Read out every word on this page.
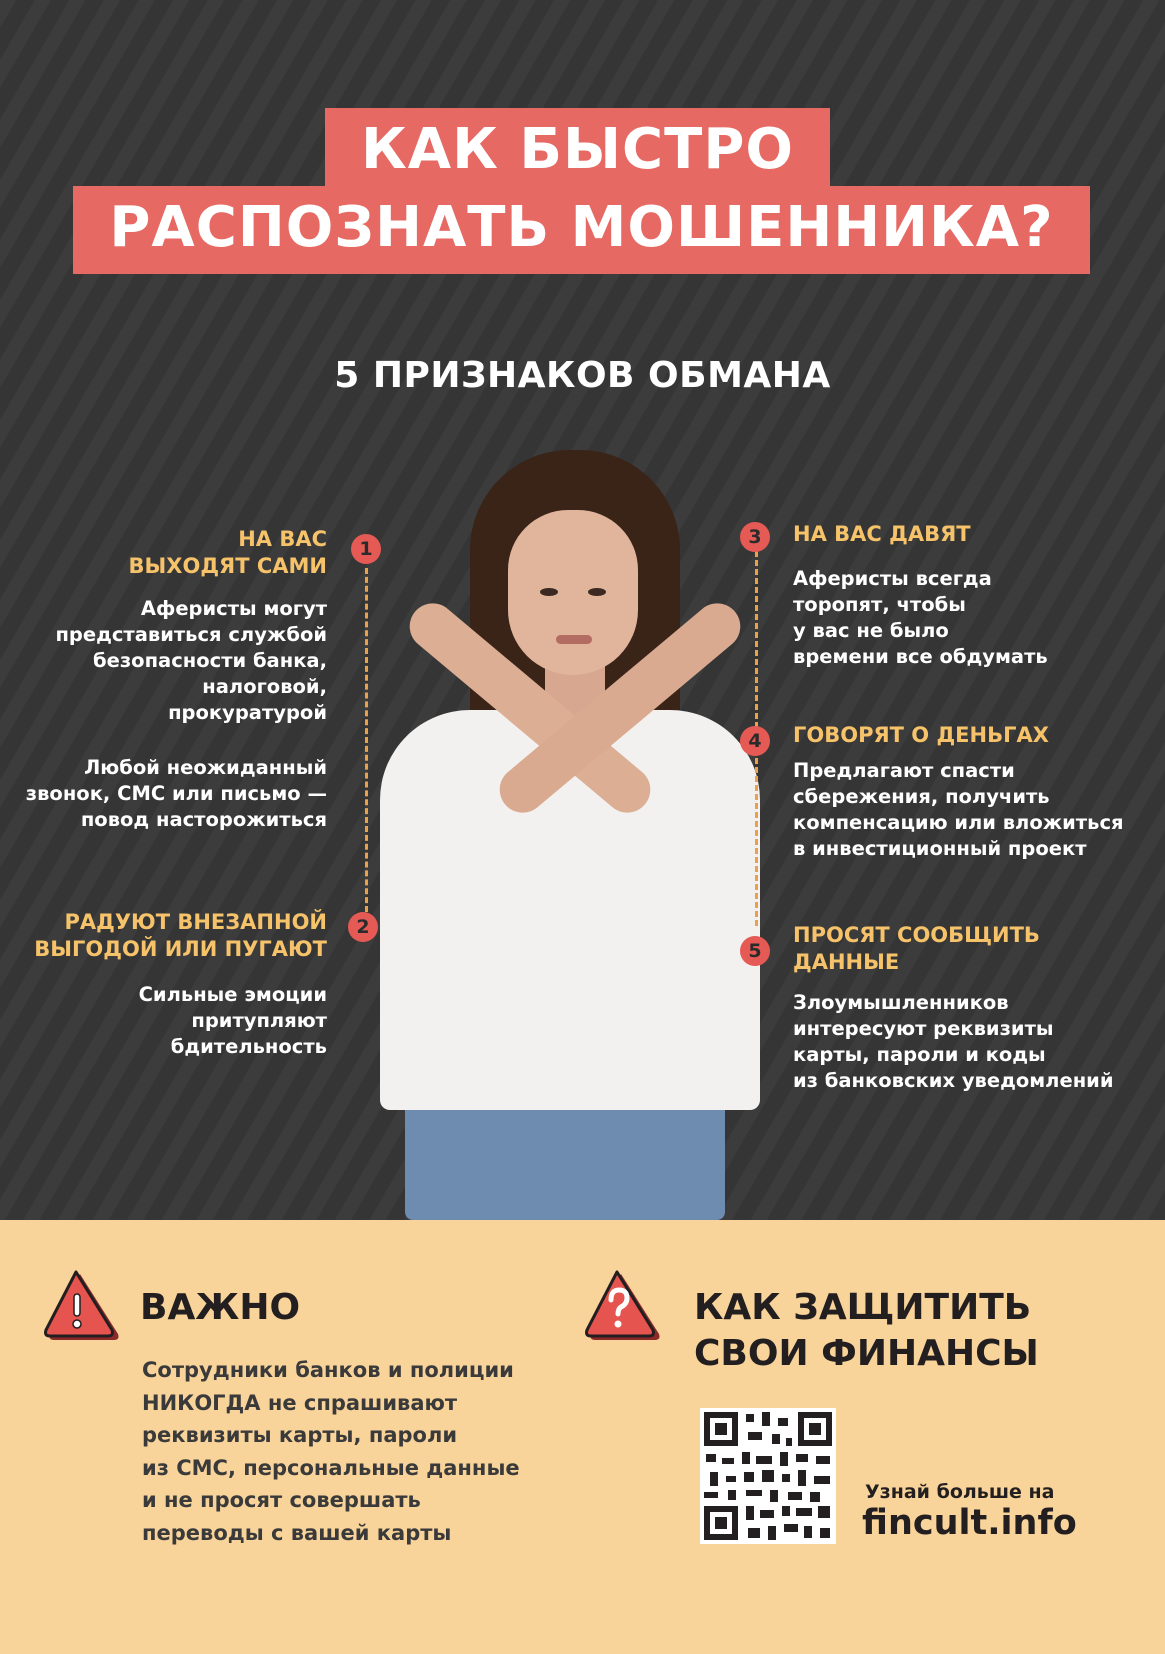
КАК БЫСТРО
РАСПОЗНАТЬ МОШЕННИКА?
5 ПРИЗНАКОВ ОБМАНА
1
НА ВАС
ВЫХОДЯТ САМИ
Аферисты могут
представиться службой
безопасности банка,
налоговой,
прокуратурой
Любой неожиданный
звонок, СМС или письмо —
повод насторожиться
2
РАДУЮТ ВНЕЗАПНОЙ
ВЫГОДОЙ ИЛИ ПУГАЮТ
Сильные эмоции
притупляют
бдительность
3	НА ВАС ДАВЯТ
Аферисты всегда
торопят, чтобы
у вас не было
времени все обдумать
4	ГОВОРЯТ О ДЕНЬГАХ
Предлагают спасти
сбережения, получить
компенсацию или вложиться
в инвестиционный проект
5
ПРОСЯТ СООБЩИТЬ
ДАННЫЕ
Злоумышленников
интересуют реквизиты
карты, пароли и коды
из банковских уведомлений
ВАЖНО
Сотрудники банков и полиции
НИКОГДА не спрашивают
реквизиты карты, пароли
из СМС, персональные данные
и не просят совершать
переводы с вашей карты
КАК ЗАЩИТИТЬ
СВОИ ФИНАНСЫ
Узнай больше на
fincult.info
